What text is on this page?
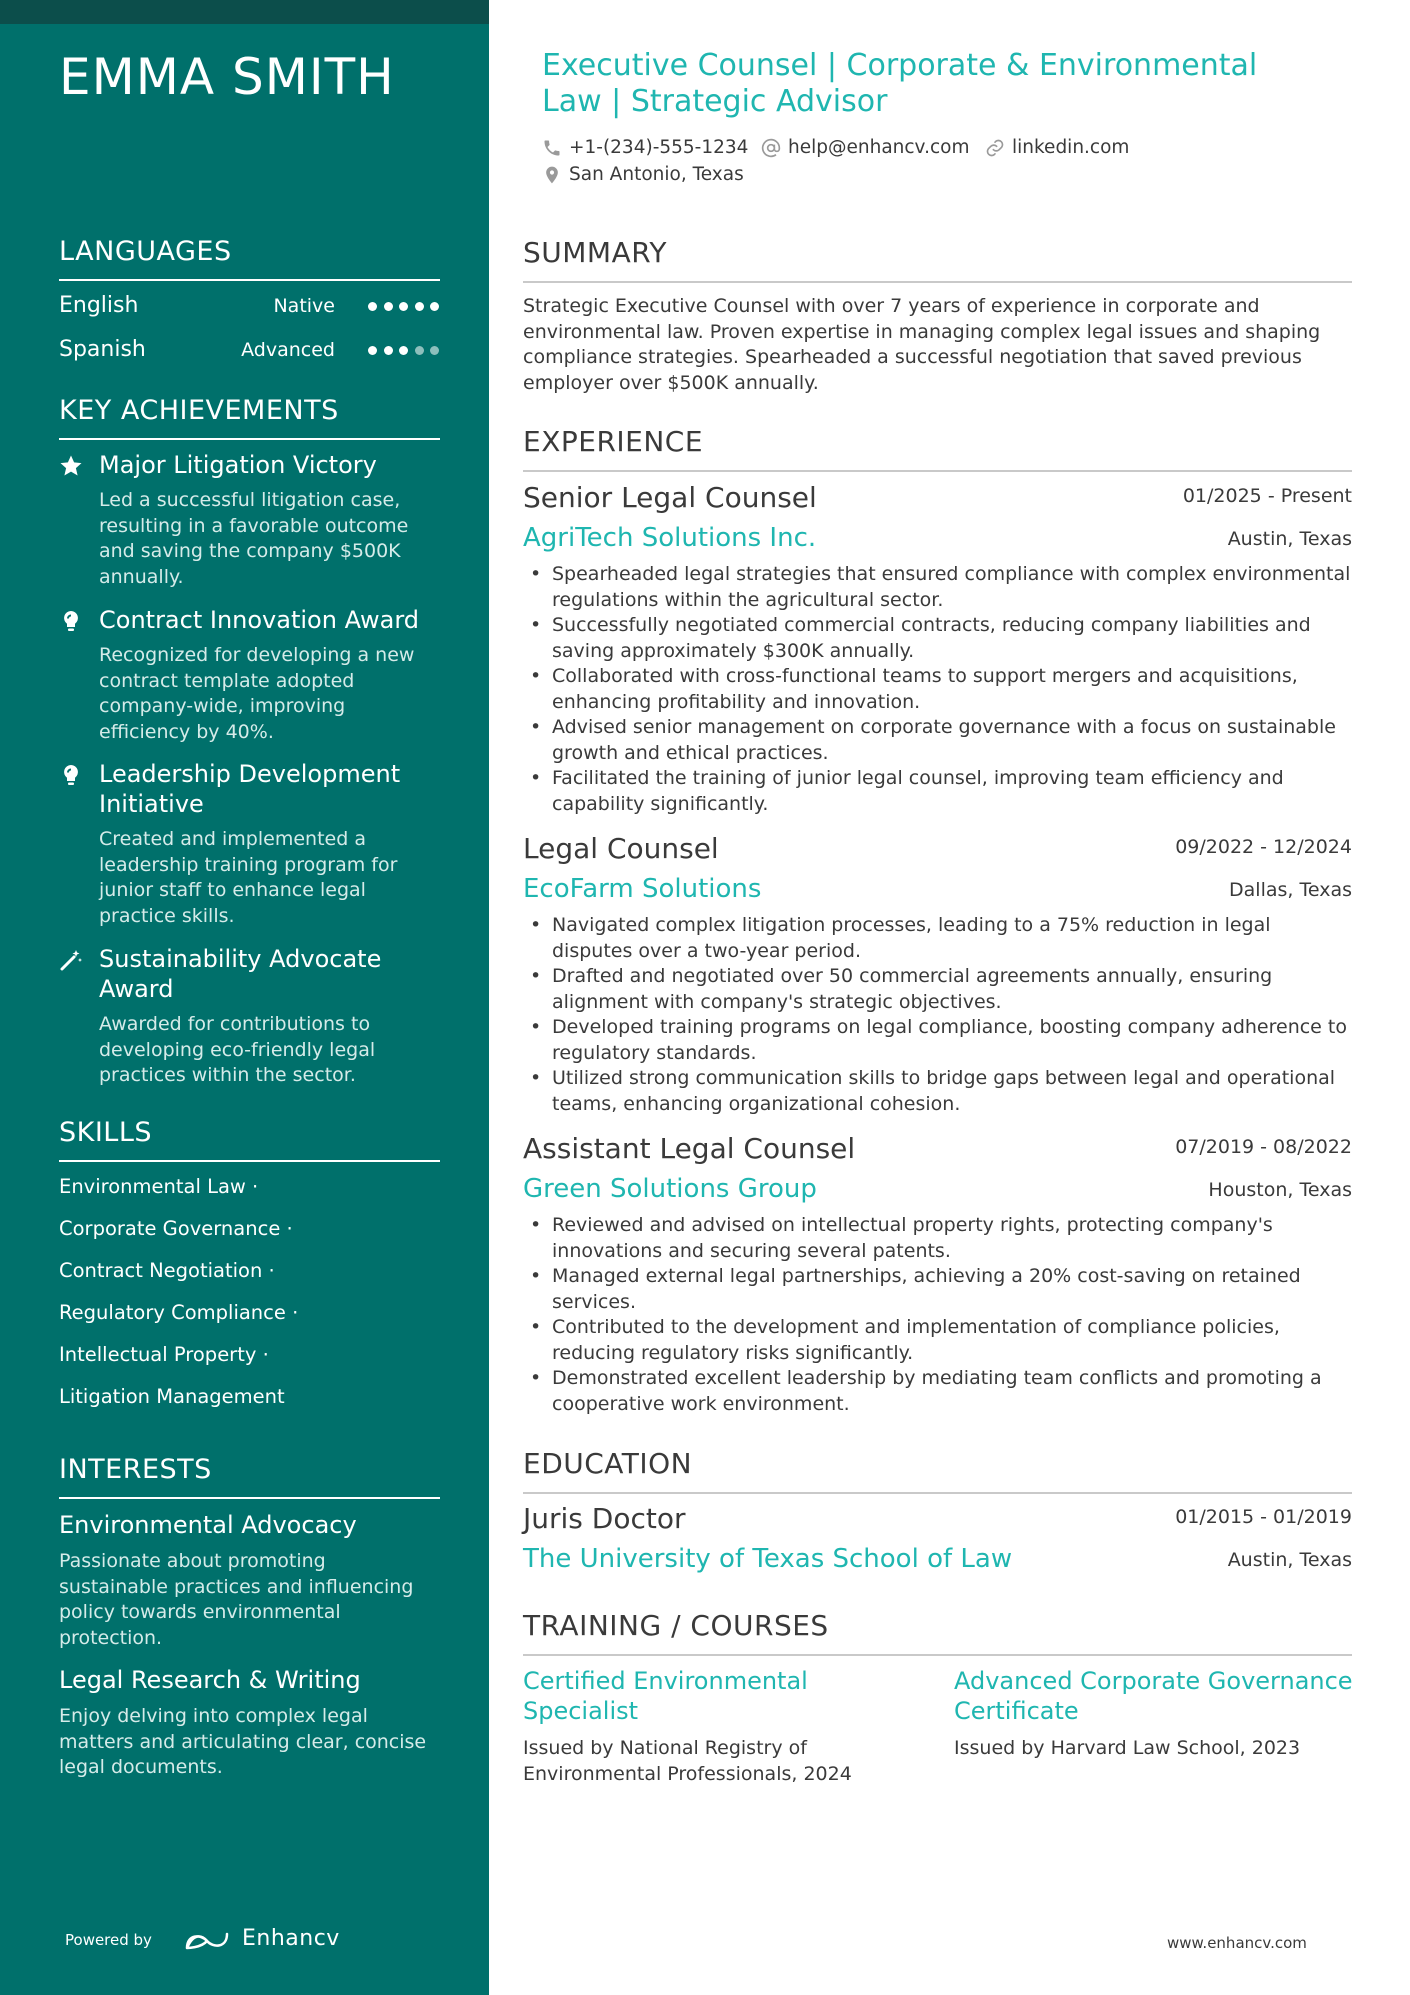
EMMA SMITH
LANGUAGES
English	Native
Spanish	Advanced
KEY ACHIEVEMENTS
Major Litigation Victory
Led a successful litigation case, resulting in a favorable outcome and saving the company $500K annually.
Contract Innovation Award
Recognized for developing a new contract template adopted company-wide, improving efficiency by 40%.
Leadership Development Initiative
Created and implemented a leadership training program for junior staff to enhance legal practice skills.
Sustainability Advocate Award
Awarded for contributions to developing eco-friendly legal practices within the sector.
SKILLS
Environmental Law ·
Corporate Governance ·
Contract Negotiation ·
Regulatory Compliance ·
Intellectual Property ·
Litigation Management
INTERESTS
Environmental Advocacy
Passionate about promoting sustainable practices and influencing policy towards environmental protection.
Legal Research & Writing
Enjoy delving into complex legal matters and articulating clear, concise legal documents.
Powered by	Enhancv
Executive Counsel | Corporate & Environmental Law | Strategic Advisor
+1-(234)-555-1234 help@enhancv.com linkedin.com
San Antonio, Texas
SUMMARY
Strategic Executive Counsel with over 7 years of experience in corporate and environmental law. Proven expertise in managing complex legal issues and shaping compliance strategies. Spearheaded a successful negotiation that saved previous employer over $500K annually.
EXPERIENCE
Senior Legal Counsel	01/2025 - Present
AgriTech Solutions Inc.	Austin, Texas
• Spearheaded legal strategies that ensured compliance with complex environmental regulations within the agricultural sector.
• Successfully negotiated commercial contracts, reducing company liabilities and saving approximately $300K annually.
• Collaborated with cross-functional teams to support mergers and acquisitions, enhancing profitability and innovation.
• Advised senior management on corporate governance with a focus on sustainable growth and ethical practices.
• Facilitated the training of junior legal counsel, improving team efficiency and capability significantly.
Legal Counsel	09/2022 - 12/2024
EcoFarm Solutions	Dallas, Texas
• Navigated complex litigation processes, leading to a 75% reduction in legal disputes over a two-year period.
• Drafted and negotiated over 50 commercial agreements annually, ensuring alignment with company's strategic objectives.
• Developed training programs on legal compliance, boosting company adherence to regulatory standards.
• Utilized strong communication skills to bridge gaps between legal and operational teams, enhancing organizational cohesion.
Assistant Legal Counsel	07/2019 - 08/2022
Green Solutions Group	Houston, Texas
• Reviewed and advised on intellectual property rights, protecting company's innovations and securing several patents.
• Managed external legal partnerships, achieving a 20% cost-saving on retained services.
• Contributed to the development and implementation of compliance policies, reducing regulatory risks significantly.
• Demonstrated excellent leadership by mediating team conflicts and promoting a cooperative work environment.
EDUCATION
Juris Doctor	01/2015 - 01/2019
The University of Texas School of Law	Austin, Texas
TRAINING / COURSES
Certified Environmental Specialist
Issued by National Registry of Environmental Professionals, 2024
Advanced Corporate Governance Certificate
Issued by Harvard Law School, 2023
www.enhancv.com
